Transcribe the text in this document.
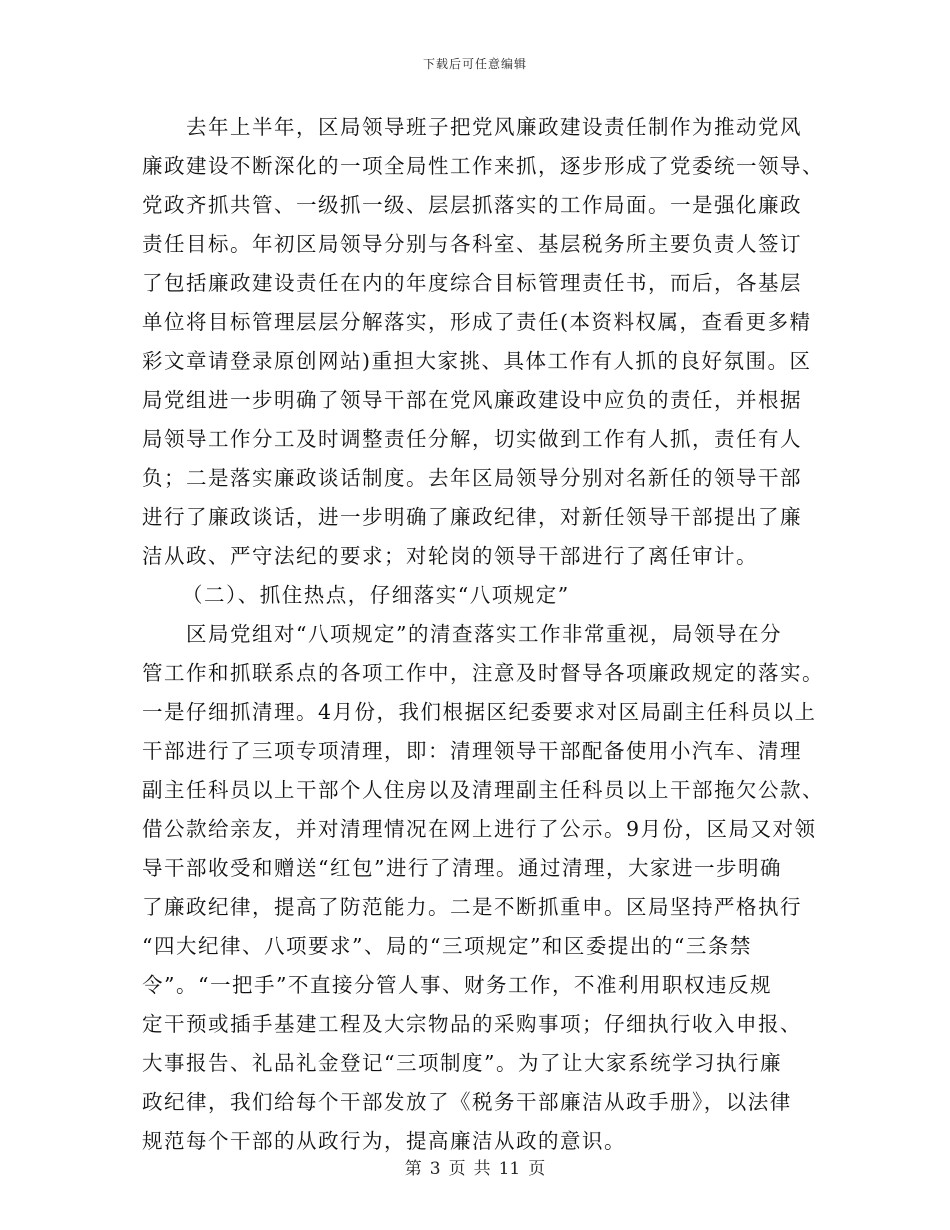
下载后可任意编辑
去年上半年，区局领导班子把党风廉政建设责任制作为推动党风
廉政建设不断深化的一项全局性工作来抓，逐步形成了党委统一领导、
党政齐抓共管、一级抓一级、层层抓落实的工作局面。一是强化廉政
责任目标。年初区局领导分别与各科室、基层税务所主要负责人签订
了包括廉政建设责任在内的年度综合目标管理责任书，而后，各基层
单位将目标管理层层分解落实，形成了责任(本资料权属，查看更多精
彩文章请登录原创网站)重担大家挑、具体工作有人抓的良好氛围。区
局党组进一步明确了领导干部在党风廉政建设中应负的责任，并根据
局领导工作分工及时调整责任分解，切实做到工作有人抓，责任有人
负；二是落实廉政谈话制度。去年区局领导分别对名新任的领导干部
进行了廉政谈话，进一步明确了廉政纪律，对新任领导干部提出了廉
洁从政、严守法纪的要求；对轮岗的领导干部进行了离任审计。
（二）、抓住热点，仔细落实“八项规定”
区局党组对“八项规定”的清查落实工作非常重视，局领导在分
管工作和抓联系点的各项工作中，注意及时督导各项廉政规定的落实。
一是仔细抓清理。4月份，我们根据区纪委要求对区局副主任科员以上
干部进行了三项专项清理，即：清理领导干部配备使用小汽车、清理
副主任科员以上干部个人住房以及清理副主任科员以上干部拖欠公款、
借公款给亲友，并对清理情况在网上进行了公示。9月份，区局又对领
导干部收受和赠送“红包”进行了清理。通过清理，大家进一步明确
了廉政纪律，提高了防范能力。二是不断抓重申。区局坚持严格执行
“四大纪律、八项要求”、局的“三项规定”和区委提出的“三条禁
令”。“一把手”不直接分管人事、财务工作，不准利用职权违反规
定干预或插手基建工程及大宗物品的采购事项；仔细执行收入申报、
大事报告、礼品礼金登记“三项制度”。为了让大家系统学习执行廉
政纪律，我们给每个干部发放了《税务干部廉洁从政手册》，以法律
规范每个干部的从政行为，提高廉洁从政的意识。
第 3 页 共 11 页
